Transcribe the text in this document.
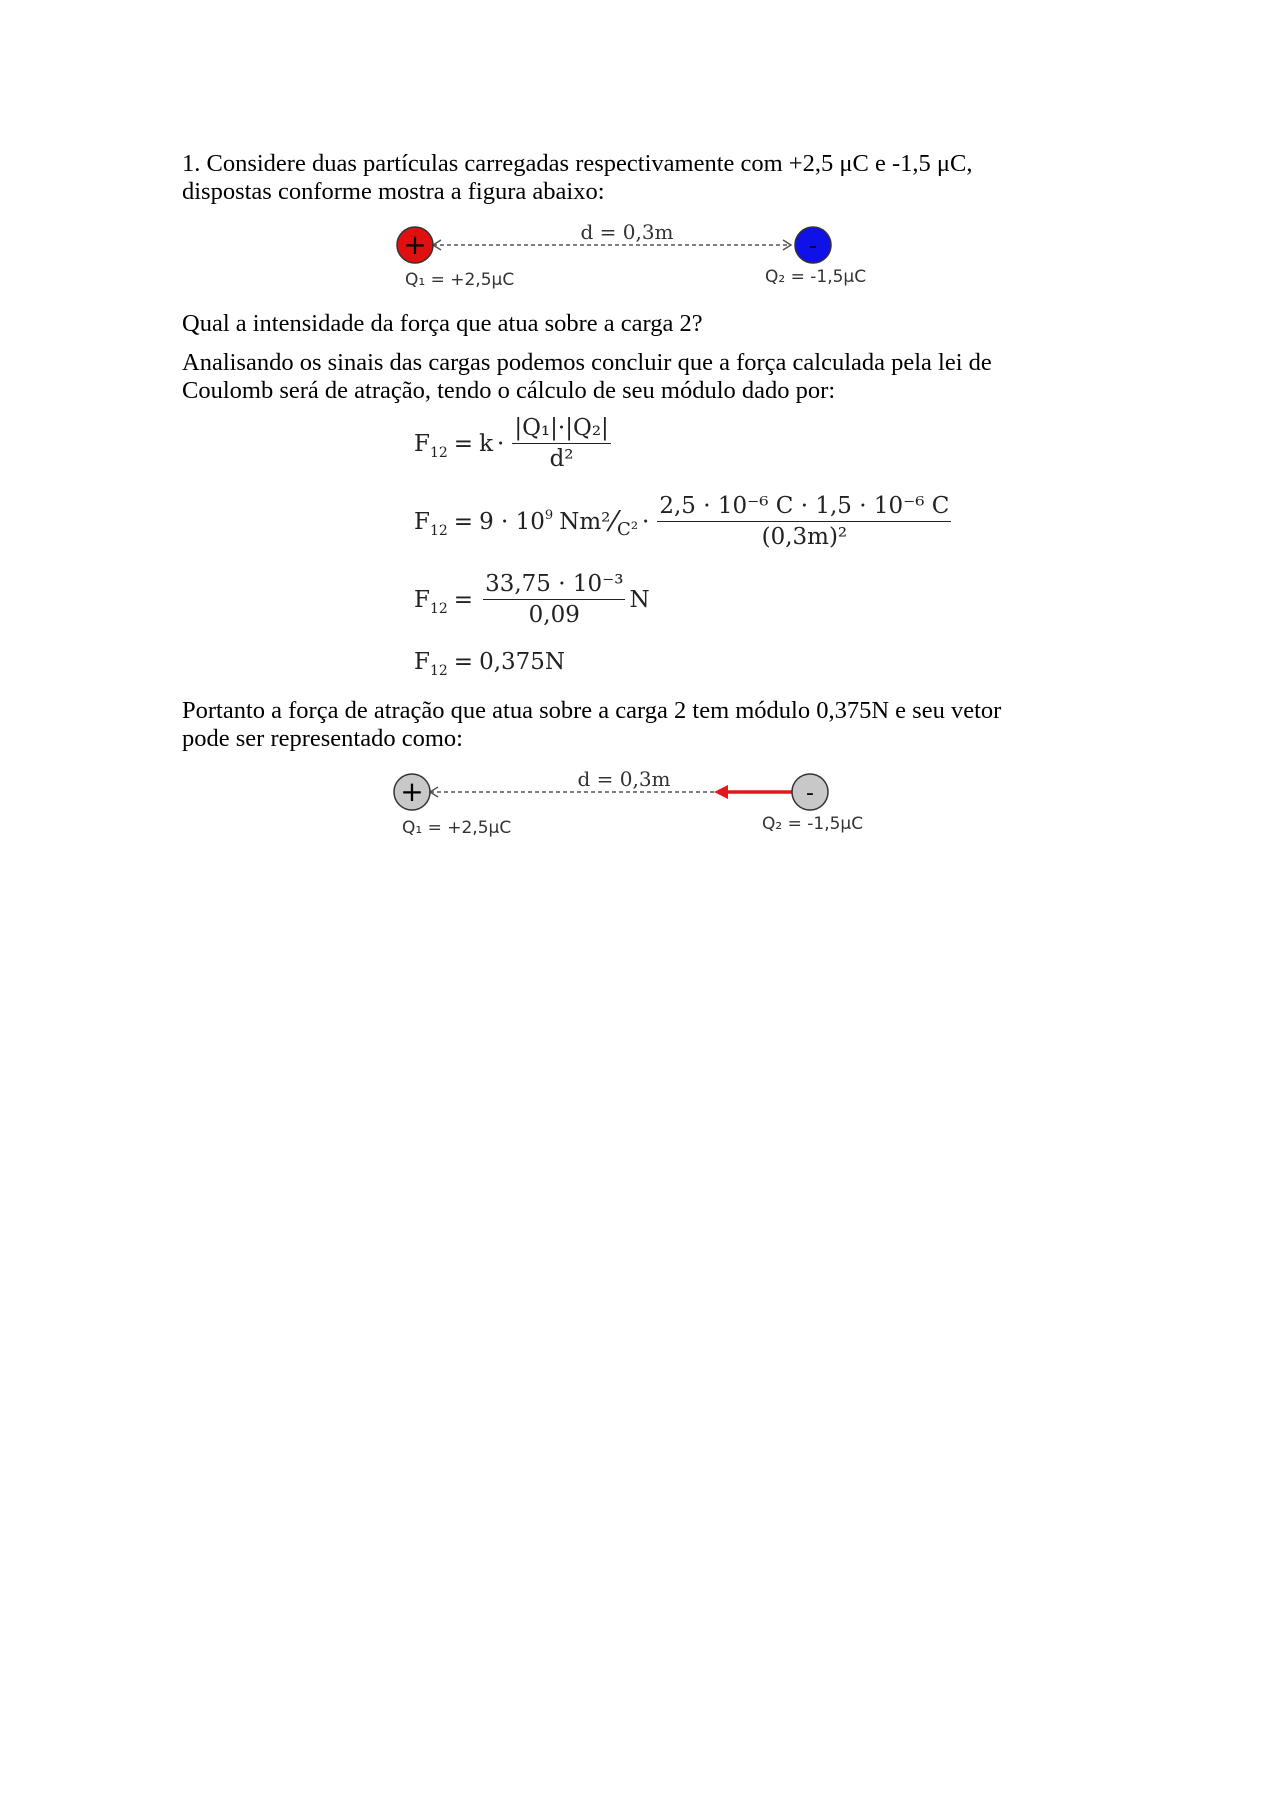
1. Considere duas partículas carregadas respectivamente com +2,5 μC e -1,5 μC,
dispostas conforme mostra a figura abaixo:
+	-
d = 0,3m
Q₁ = +2,5μC	Q₂ = -1,5μC
Qual a intensidade da força que atua sobre a carga 2?
Analisando os sinais das cargas podemos concluir que a força calculada pela lei de
Coulomb será de atração, tendo o cálculo de seu módulo dado por:
F $12 = k \cdot \frac{\text{|Q₁|·|Q₂|}}{\text{d²}}$
F 12 = 9 · 10 9 Nm² ⁄ $C^2 \cdot \frac{\text{2,5 · 10⁻⁶ C · 1,5 · 10⁻⁶ C}}{\text{(0,3m)²}}$
F $12 = \frac{\text{33,75 · 10⁻³}}{0,09}$ N
F 12 = 0,375N
Portanto a força de atração que atua sobre a carga 2 tem módulo 0,375N e seu vetor
pode ser representado como:
+	-
d = 0,3m
Q₁ = +2,5μC	Q₂ = -1,5μC
